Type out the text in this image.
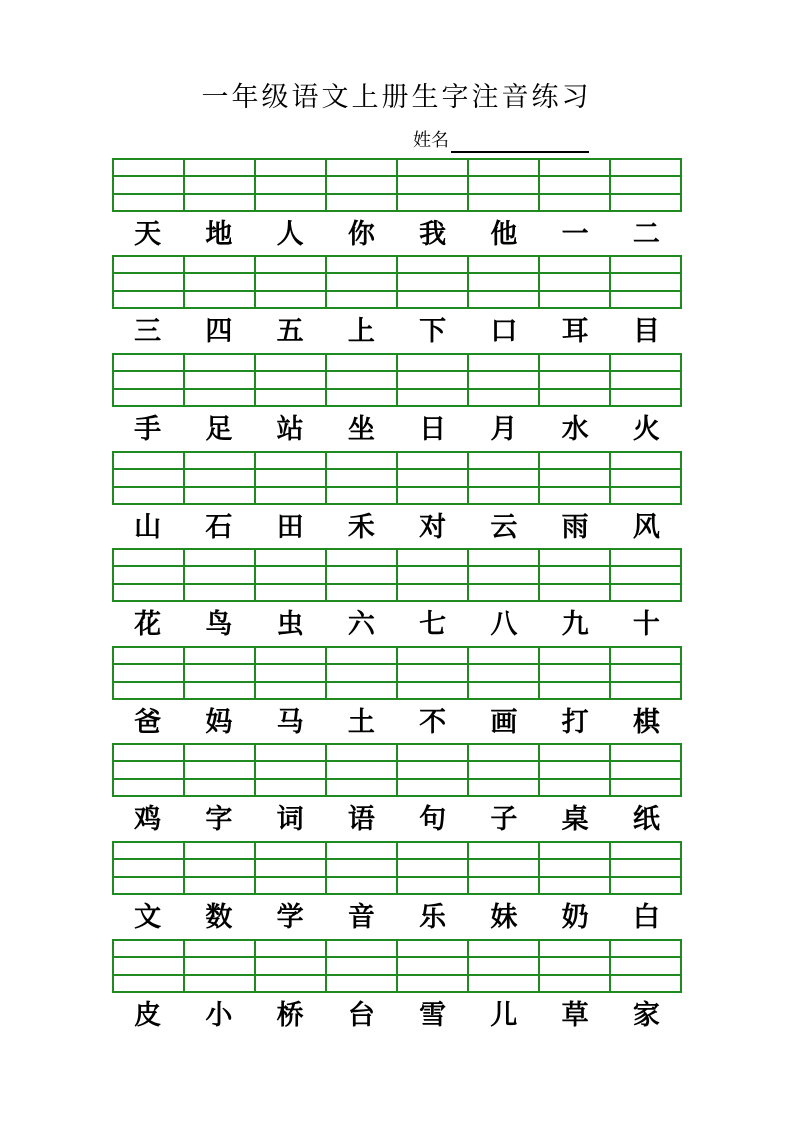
一年级语文上册生字注音练习
姓名
天	地	人	你	我	他	一	二
三	四	五	上	下	口	耳	目
手	足	站	坐	日	月	水	火
山	石	田	禾	对	云	雨	风
花	鸟	虫	六	七	八	九	十
爸	妈	马	土	不	画	打	棋
鸡	字	词	语	句	子	桌	纸
文	数	学	音	乐	妹	奶	白
皮	小	桥	台	雪	儿	草	家
